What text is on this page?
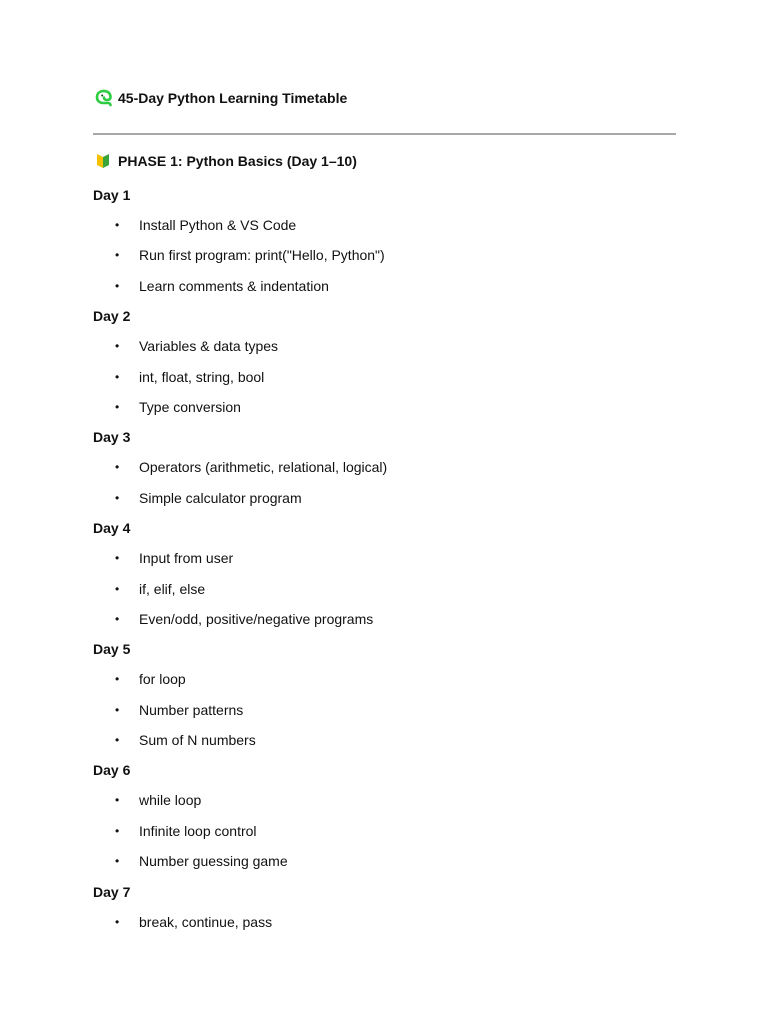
45-Day Python Learning Timetable
PHASE 1: Python Basics (Day 1–10)
Day 1
• Install Python & VS Code
• Run first program: print("Hello, Python")
• Learn comments & indentation
Day 2
• Variables & data types
• int, float, string, bool
• Type conversion
Day 3
• Operators (arithmetic, relational, logical)
• Simple calculator program
Day 4
• Input from user
• if, elif, else
• Even/odd, positive/negative programs
Day 5
• for loop
• Number patterns
• Sum of N numbers
Day 6
• while loop
• Infinite loop control
• Number guessing game
Day 7
• break, continue, pass
